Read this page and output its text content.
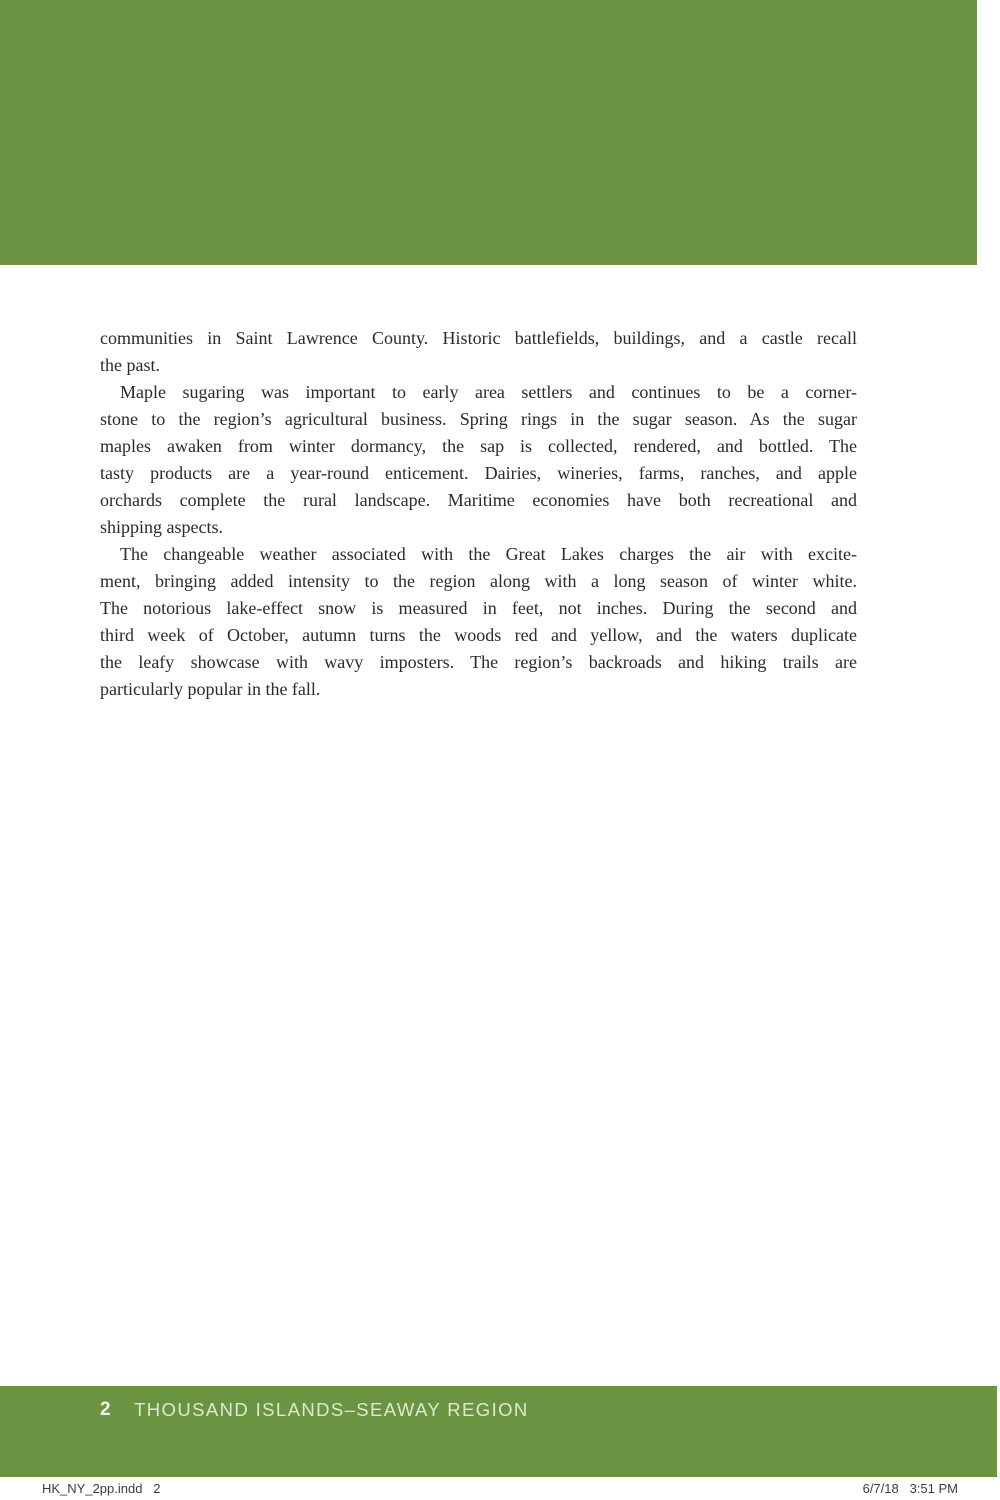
communities in Saint Lawrence County. Historic battlefields, buildings, and a castle recall
the past.
Maple sugaring was important to early area settlers and continues to be a corner-
stone to the region’s agricultural business. Spring rings in the sugar season. As the sugar
maples awaken from winter dormancy, the sap is collected, rendered, and bottled. The
tasty products are a year-round enticement. Dairies, wineries, farms, ranches, and apple
orchards complete the rural landscape. Maritime economies have both recreational and
shipping aspects.
The changeable weather associated with the Great Lakes charges the air with excite-
ment, bringing added intensity to the region along with a long season of winter white.
The notorious lake-effect snow is measured in feet, not inches. During the second and
third week of October, autumn turns the woods red and yellow, and the waters duplicate
the leafy showcase with wavy imposters. The region’s backroads and hiking trails are
particularly popular in the fall.
2 THOUSAND ISLANDS–SEAWAY REGION
HK_NY_2pp.indd   2	6/7/18   3:51 PM
